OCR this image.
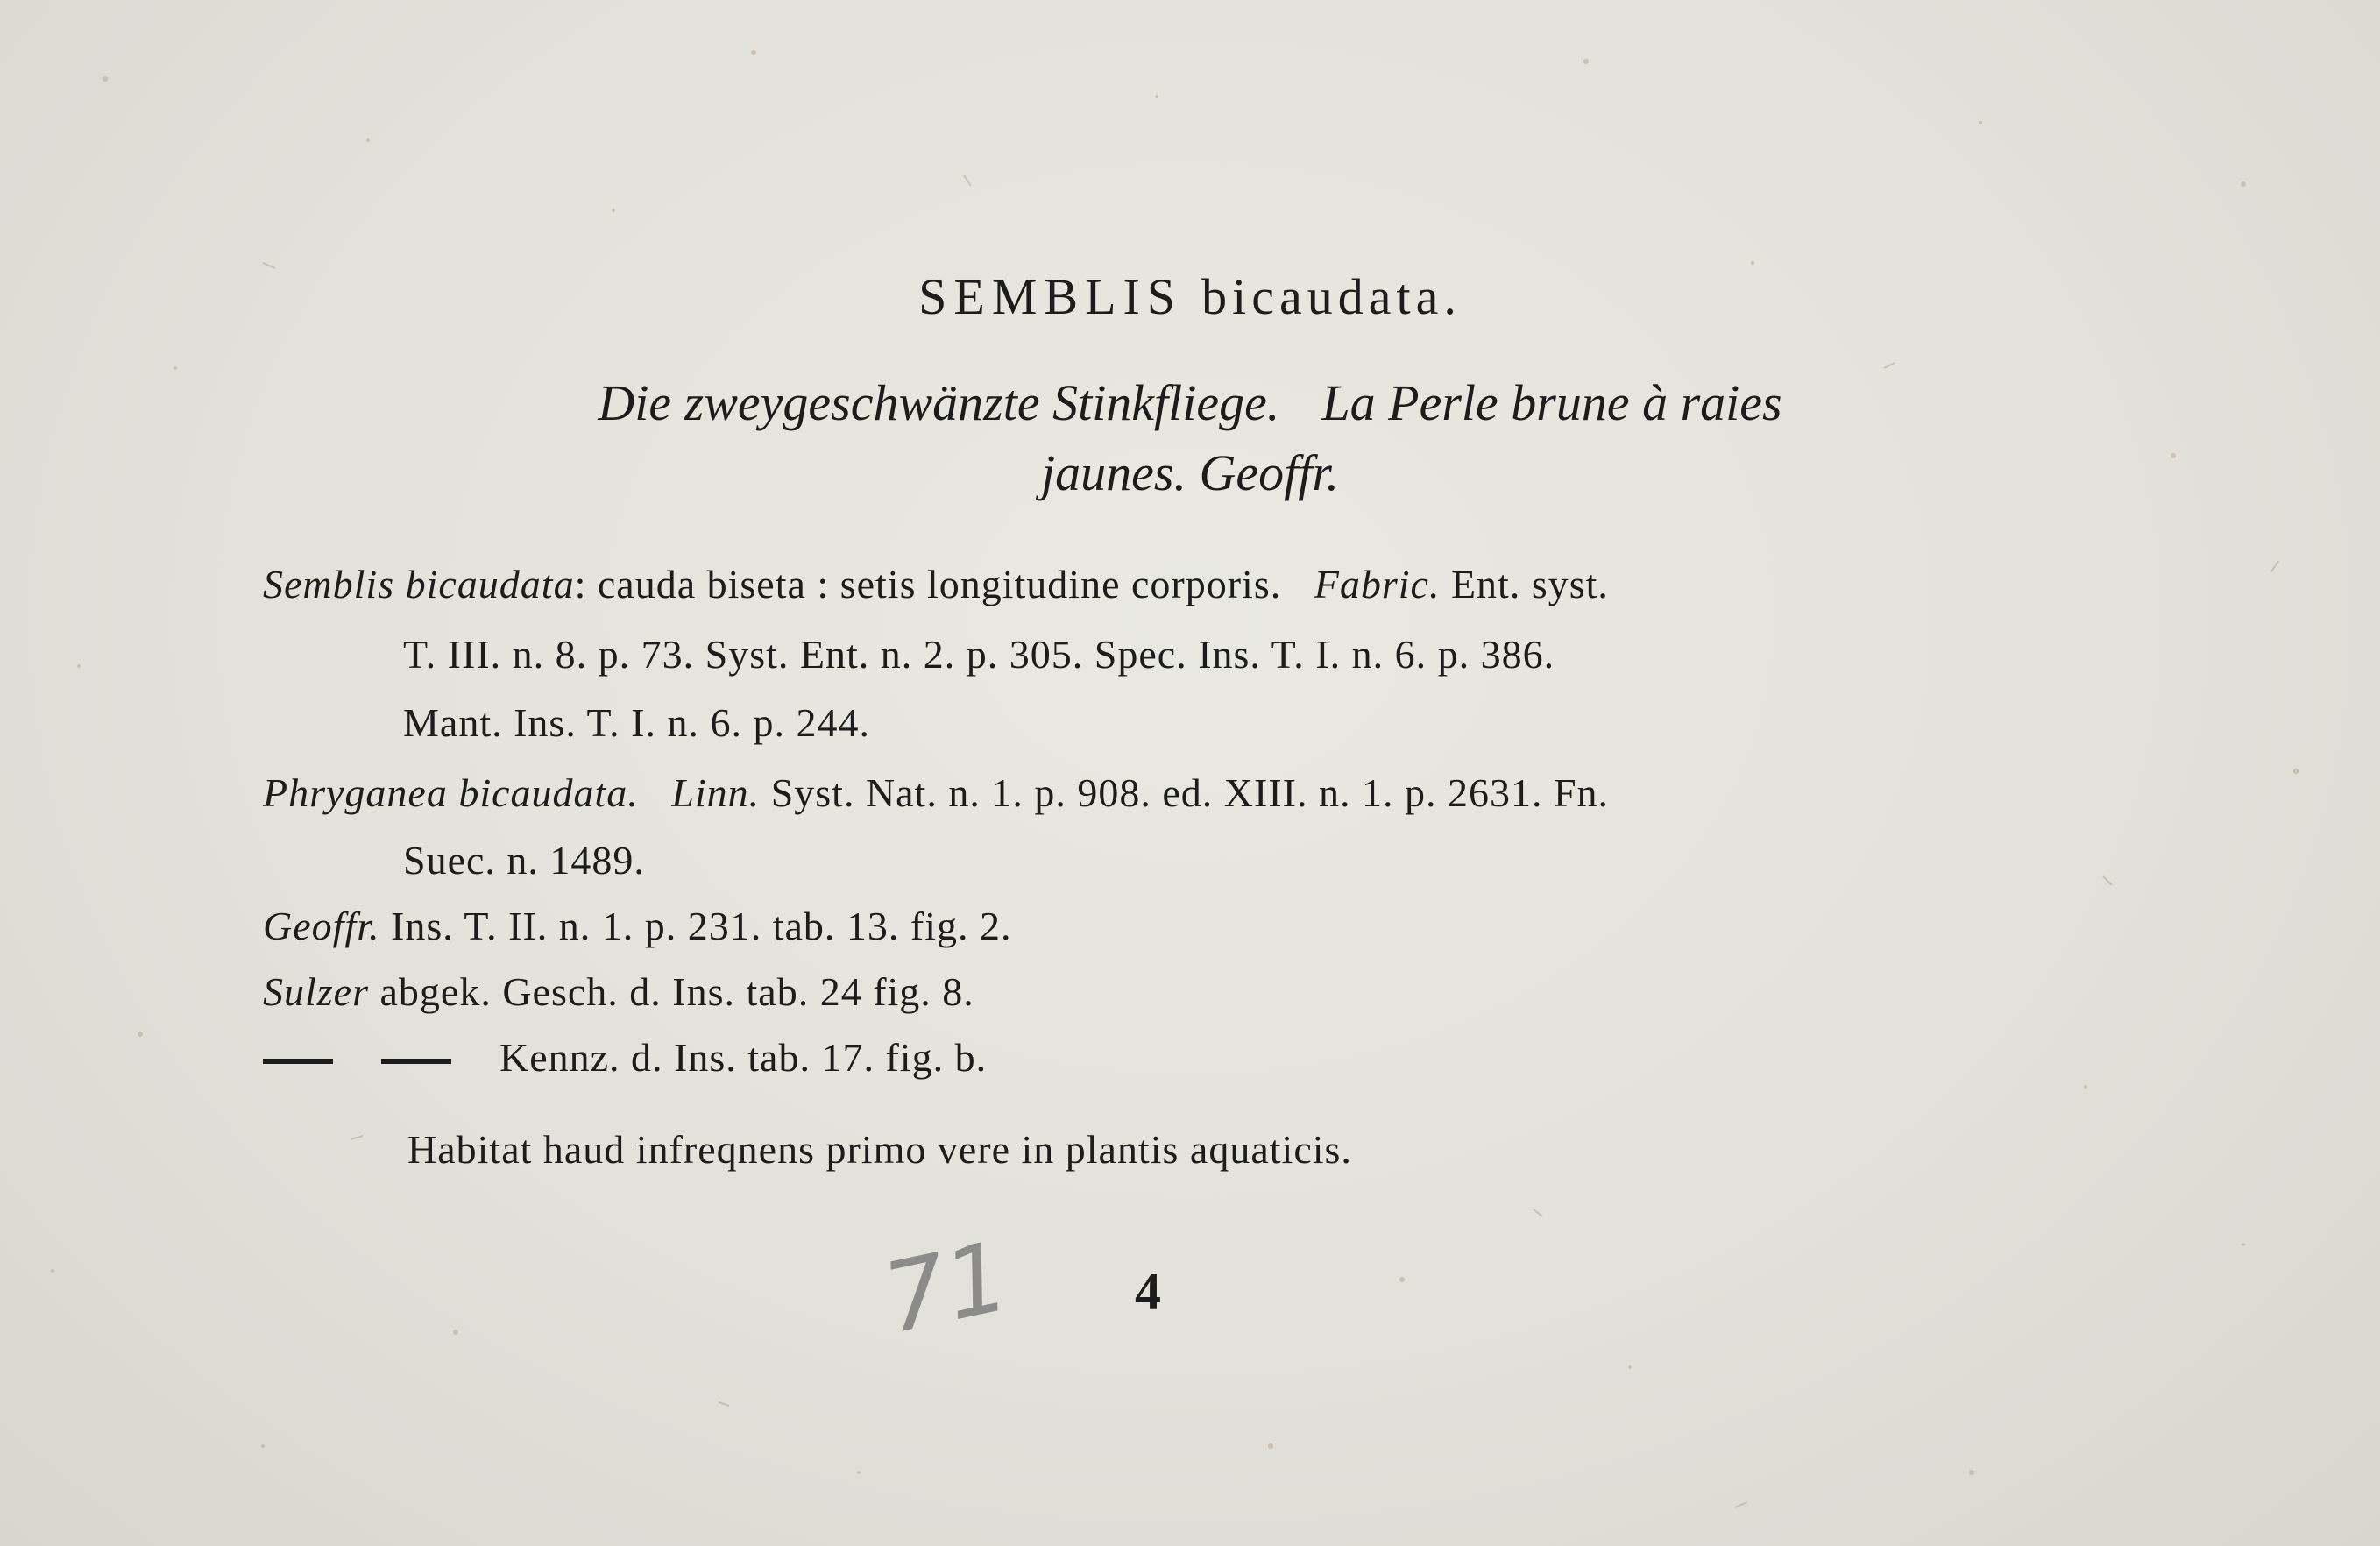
SEMBLIS bicaudata.
Die zweygeschwänzte Stinkfliege. La Perle brune à raies
jaunes. Geoffr.
Semblis bicaudata: cauda biseta : setis longitudine corporis. Fabric. Ent. syst.
T. III. n. 8. p. 73. Syst. Ent. n. 2. p. 305. Spec. Ins. T. I. n. 6. p. 386.
Mant. Ins. T. I. n. 6. p. 244.
Phryganea bicaudata. Linn. Syst. Nat. n. 1. p. 908. ed. XIII. n. 1. p. 2631. Fn.
Suec. n. 1489.
Geoffr. Ins. T. II. n. 1. p. 231. tab. 13. fig. 2.
Sulzer abgek. Gesch. d. Ins. tab. 24 fig. 8.
Kennz. d. Ins. tab. 17. fig. b.
Habitat haud infreqnens primo vere in plantis aquaticis.
71 4
